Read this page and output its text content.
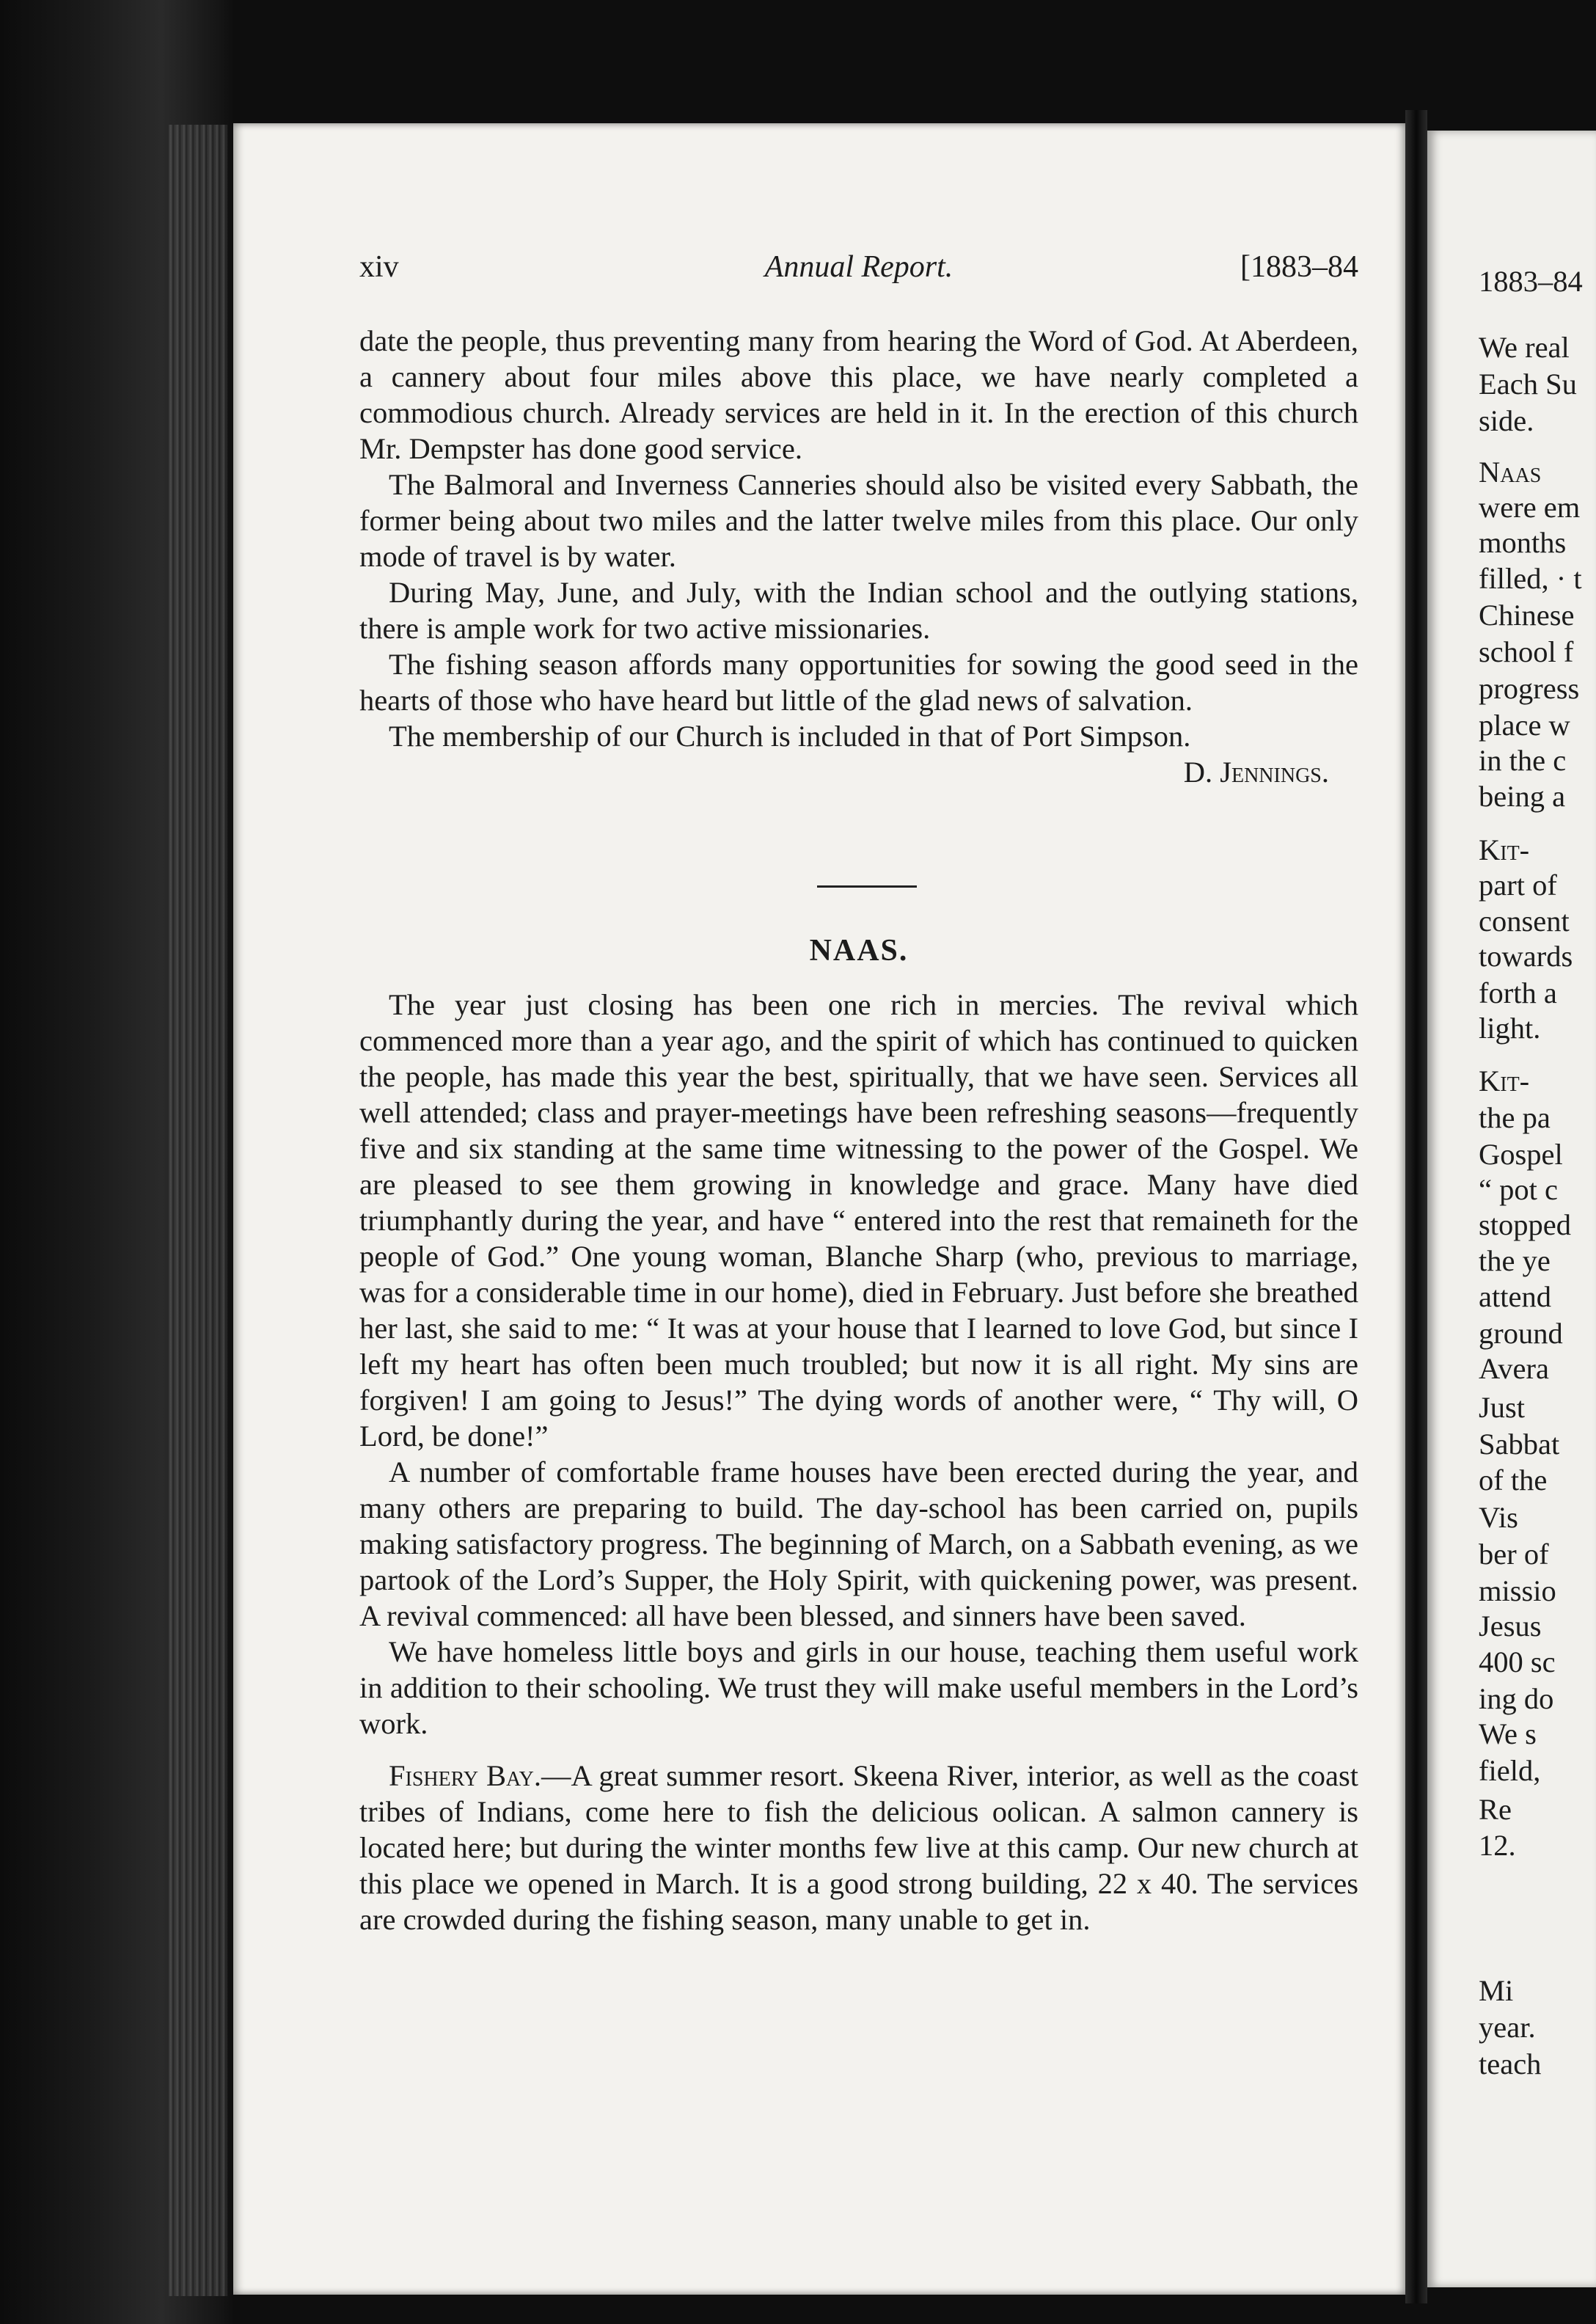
xiv	Annual Report.	[1883–84

date the people, thus preventing many from hearing the Word of God. At Aberdeen, a cannery about four miles above this place, we have nearly completed a commodious church. Already services are held in it. In the erection of this church Mr. Dempster has done good service.

The Balmoral and Inverness Canneries should also be visited every Sabbath, the former being about two miles and the latter twelve miles from this place. Our only mode of travel is by water.

During May, June, and July, with the Indian school and the outlying stations, there is ample work for two active missionaries.

The fishing season affords many opportunities for sowing the good seed in the hearts of those who have heard but little of the glad news of salvation.

The membership of our Church is included in that of Port Simpson.

D. Jennings.
NAAS.

The year just closing has been one rich in mercies. The revival which commenced more than a year ago, and the spirit of which has continued to quicken the people, has made this year the best, spiritually, that we have seen. Services all well attended; class and prayer-meetings have been refreshing seasons—frequently five and six standing at the same time witnessing to the power of the Gospel. We are pleased to see them growing in knowledge and grace. Many have died triumphantly during the year, and have “ entered into the rest that remaineth for the people of God.” One young woman, Blanche Sharp (who, previous to marriage, was for a considerable time in our home), died in February. Just before she breathed her last, she said to me: “ It was at your house that I learned to love God, but since I left my heart has often been much troubled; but now it is all right. My sins are forgiven! I am going to Jesus!” The dying words of another were, “ Thy will, O Lord, be done!”

A number of comfortable frame houses have been erected during the year, and many others are preparing to build. The day-school has been carried on, pupils making satisfactory progress. The beginning of March, on a Sabbath evening, as we partook of the Lord’s Supper, the Holy Spirit, with quickening power, was present. A revival commenced: all have been blessed, and sinners have been saved.

We have homeless little boys and girls in our house, teaching them useful work in addition to their schooling. We trust they will make useful members in the Lord’s work.

Fishery Bay.—A great summer resort. Skeena River, interior, as well as the coast tribes of Indians, come here to fish the delicious oolican. A salmon cannery is located here; but during the winter months few live at this camp. Our new church at this place we opened in March. It is a good strong building, 22 x 40. The services are crowded during the fishing season, many unable to get in.

1883–84
We real
Each Su
side.
Naas
were em
months
filled, · t
Chinese
school f
progress
place w
in the c
being a
Kit-
part of
consent
towards
forth a
light.
Kit-
the pa
Gospel
“ pot c
stopped
the ye
attend
ground
Avera
Just
Sabbat
of the
Vis
ber of
missio
Jesus
400 sc
ing do
We s
field,
Re
12.
Mi
year.
teach
